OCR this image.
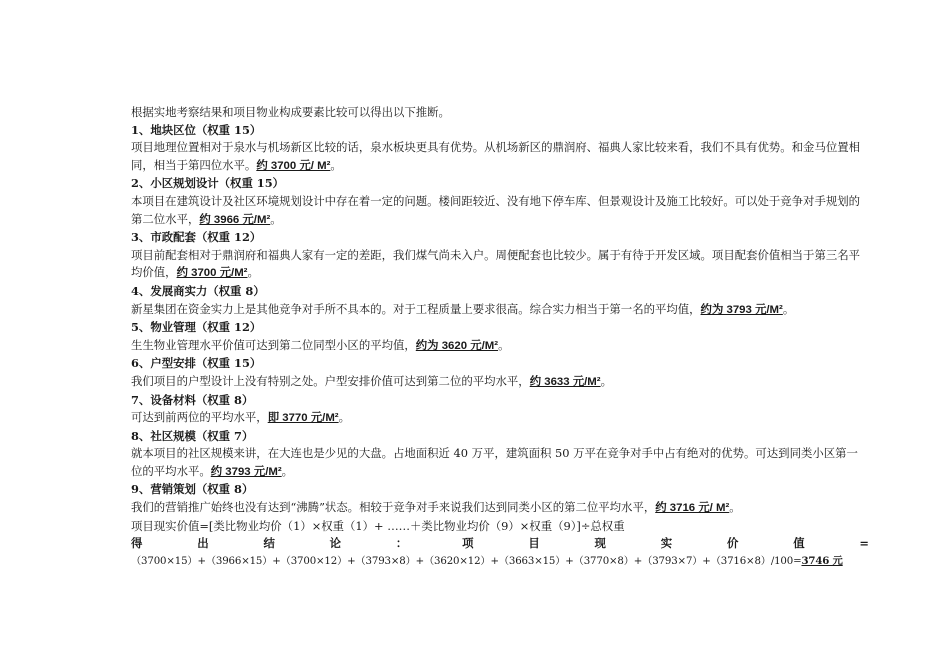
根据实地考察结果和项目物业构成要素比较可以得出以下推断。
1、地块区位（权重 15）
项目地理位置相对于泉水与机场新区比较的话，泉水板块更具有优势。从机场新区的鼎润府、福典人家比较来看，我们不具有优势。和金马位置相同，相当于第四位水平。约 3700 元/ M²。
2、小区规划设计（权重 15）
本项目在建筑设计及社区环境规划设计中存在着一定的问题。楼间距较近、没有地下停车库、但景观设计及施工比较好。可以处于竞争对手规划的第二位水平，约 3966 元/M²。
3、市政配套（权重 12）
项目前配套相对于鼎润府和福典人家有一定的差距，我们煤气尚未入户。周便配套也比较少。属于有待于开发区域。项目配套价值相当于第三名平均价值，约 3700 元/M²。
4、发展商实力（权重 8）
新星集团在资金实力上是其他竞争对手所不具本的。对于工程质量上要求很高。综合实力相当于第一名的平均值，约为 3793 元/M²。
5、物业管理（权重 12）
生生物业管理水平价值可达到第二位同型小区的平均值，约为 3620 元/M²。
6、户型安排（权重 15）
我们项目的户型设计上没有特别之处。户型安排价值可达到第二位的平均水平，约 3633 元/M²。
7、设备材料（权重 8）
可达到前两位的平均水平，即 3770 元/M²。
8、社区规模（权重 7）
就本项目的社区规模来讲，在大连也是少见的大盘。占地面积近 40 万平，建筑面积 50 万平在竞争对手中占有绝对的优势。可达到同类小区第一位的平均水平。约 3793 元/M²。
9、营销策划（权重 8）
我们的营销推广始终也没有达到“沸腾”状态。相较于竞争对手来说我们达到同类小区的第二位平均水平，约 3716 元/ M²。
项目现实价值=[类比物业均价（1）×权重（1）+ ……＋类比物业均价（9）×权重（9）]÷总权重
得	出	结	论	：	项	目	现	实	价	值	=
（3700×15）+（3966×15）+（3700×12）+（3793×8）+（3620×12）+（3663×15）+（3770×8）+（3793×7）+（3716×8）/100=3746 元
